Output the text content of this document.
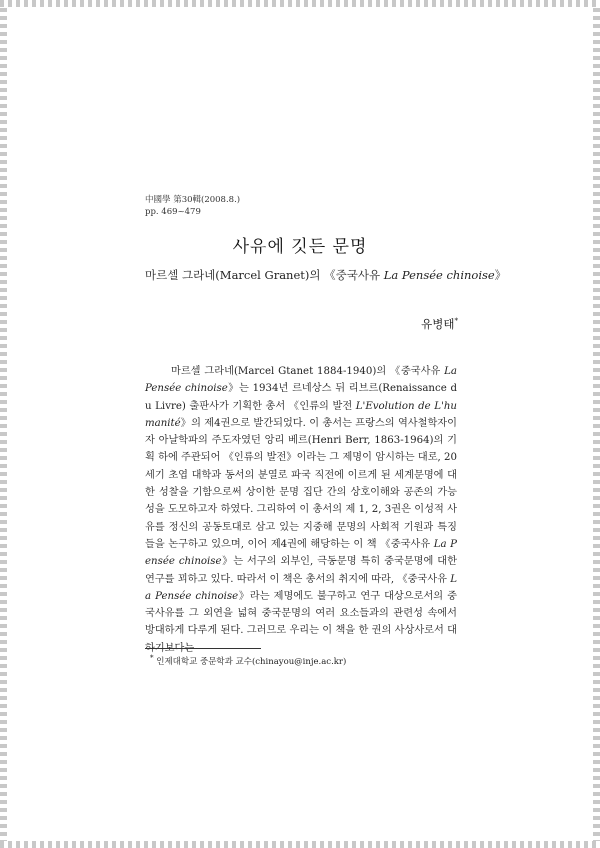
中國學 第30輯(2008.8.)
pp. 469~479
사유에 깃든 문명
마르셀 그라네(Marcel Granet)의 《중국사유 La Pensée chinoise》
유병태*
마르셀 그라네(Marcel Gtanet 1884-1940)의 《중국사유 La Pensée chinoise》는 1934년 르네상스 뒤 리브르(Renaissance du Livre) 출판사가 기획한 총서 《인류의 발전 L'Evolution de L'humanité》의 제4권으로 발간되었다. 이 총서는 프랑스의 역사철학자이자 아날학파의 주도자였던 앙리 베르(Henri Berr, 1863-1964)의 기획 하에 주관되어 《인류의 발전》이라는 그 제명이 암시하는 대로, 20세기 초엽 대학과 동서의 분열로 파국 직전에 이르게 된 세계문명에 대한 성찰을 기함으로써 상이한 문명 집단 간의 상호이해와 공존의 가능성을 도모하고자 하였다. 그리하여 이 총서의 제 1, 2, 3권은 이성적 사유를 정신의 공동토대로 삼고 있는 지중해 문명의 사회적 기원과 특징들을 논구하고 있으며, 이어 제4권에 해당하는 이 책 《중국사유 La Pensée chinoise》는 서구의 외부인, 극동문명 특히 중국문명에 대한 연구를 꾀하고 있다. 따라서 이 책은 총서의 취지에 따라, 《중국사유 La Pensée chinoise》라는 제명에도 불구하고 연구 대상으로서의 중국사유를 그 외연을 넓혀 중국문명의 여러 요소들과의 관련성 속에서 방대하게 다루게 된다. 그러므로 우리는 이 책을 한 권의 사상사로서 대하기보다는
* 인제대학교 중문학과 교수(chinayou@inje.ac.kr)
